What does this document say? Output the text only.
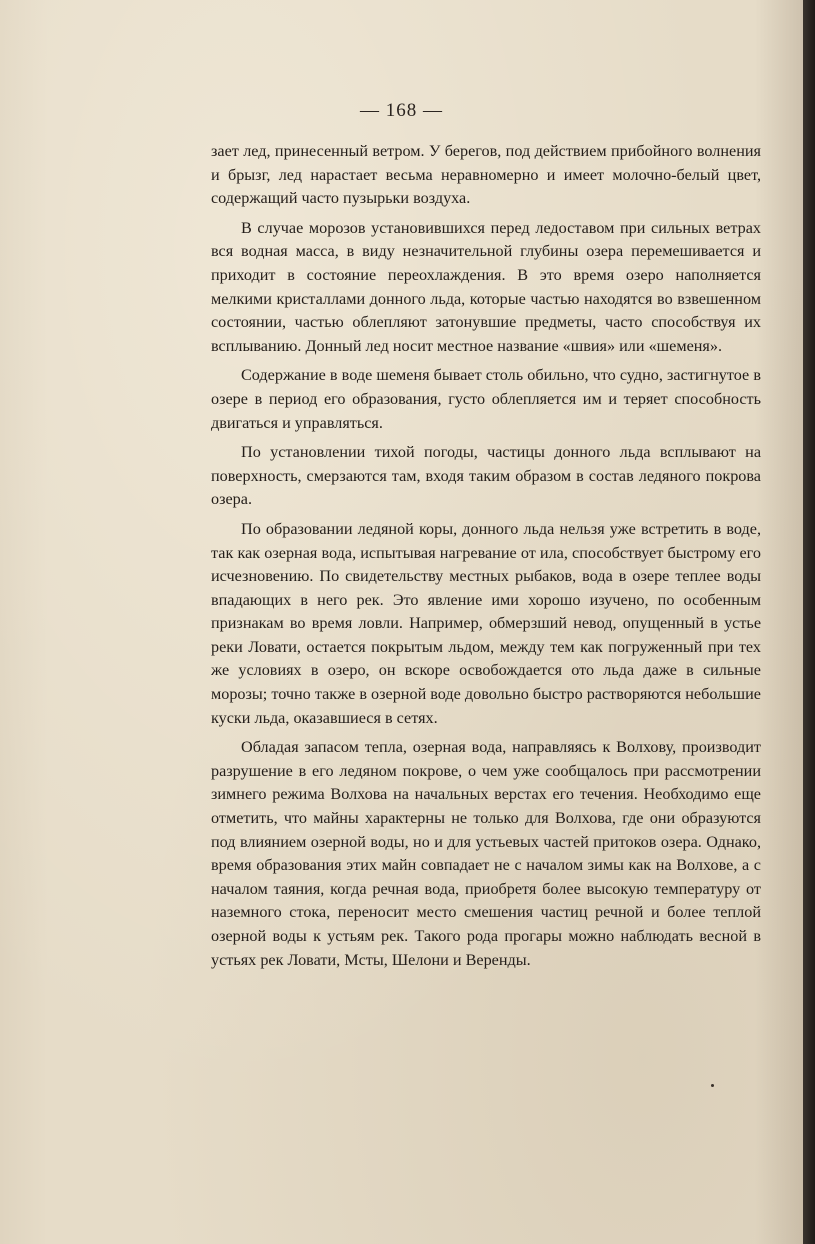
— 168 —

зает лед, принесенный ветром. У берегов, под действием прибойного волнения и брызг, лед нарастает весьма неравномерно и имеет молочно-белый цвет, содержащий часто пузырьки воздуха.

В случае морозов установившихся перед ледоставом при сильных ветрах вся водная масса, в виду незначительной глубины озера перемешивается и приходит в состояние переохлаждения. В это время озеро наполняется мелкими кристаллами донного льда, которые частью находятся во взвешенном состоянии, частью облепляют затонувшие предметы, часто способствуя их всплыванию. Донный лед носит местное название «швия» или «шеменя».

Содержание в воде шеменя бывает столь обильно, что судно, застигнутое в озере в период его образования, густо облепляется им и теряет способность двигаться и управляться.

По установлении тихой погоды, частицы донного льда всплывают на поверхность, смерзаются там, входя таким образом в состав ледяного покрова озера.

По образовании ледяной коры, донного льда нельзя уже встретить в воде, так как озерная вода, испытывая нагревание от ила, способствует быстрому его исчезновению. По свидетельству местных рыбаков, вода в озере теплее воды впадающих в него рек. Это явление ими хорошо изучено, по особенным признакам во время ловли. Например, обмерзший невод, опущенный в устье реки Ловати, остается покрытым льдом, между тем как погруженный при тех же условиях в озеро, он вскоре освобождается ото льда даже в сильные морозы; точно также в озерной воде довольно быстро растворяются небольшие куски льда, оказавшиеся в сетях.

Обладая запасом тепла, озерная вода, направляясь к Волхову, производит разрушение в его ледяном покрове, о чем уже сообщалось при рассмотрении зимнего режима Волхова на начальных верстах его течения. Необходимо еще отметить, что майны характерны не только для Волхова, где они образуются под влиянием озерной воды, но и для устьевых частей притоков озера. Однако, время образования этих майн совпадает не с началом зимы как на Волхове, а с началом таяния, когда речная вода, приобретя более высокую температуру от наземного стока, переносит место смешения частиц речной и более теплой озерной воды к устьям рек. Такого рода прогары можно наблюдать весной в устьях рек Ловати, Мсты, Шелони и Веренды.
